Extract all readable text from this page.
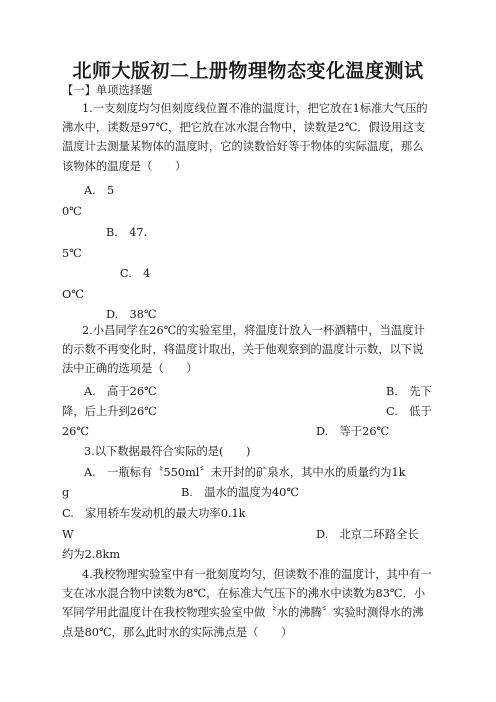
北师大版初二上册物理物态变化温度测试
【一】单项选择题
1.一支刻度均匀但刻度线位置不准的温度计，把它放在1标准大气压的沸水中，读数是97℃，把它放在冰水混合物中，读数是2℃．假设用这支温度计去测量某物体的温度时，它的读数恰好等于物体的实际温度，那么该物体的温度是（　　）
A.　5
0℃
B.　47.
5℃
C.　4
O℃
D.　38℃
2.小昌同学在26℃的实验室里，将温度计放入一杯酒精中，当温度计的示数不再变化时，将温度计取出，关于他观察到的温度计示数，以下说法中正确的选项是（　　）
A.　高于26℃	B.　先下
降，后上升到26℃	C.　低于
26℃	D.　等于26℃
3.以下数据最符合实际的是(　　)
A.　一瓶标有〝550ml〞未开封的矿泉水，其中水的质量约为1k
g	B.　温水的温度为40℃
C.　家用轿车发动机的最大功率0.1k
W	D.　北京二环路全长
约为2.8km
4.我校物理实验室中有一批刻度均匀，但读数不准的温度计，其中有一支在冰水混合物中读数为8℃，在标准大气压下的沸水中读数为83℃．小军同学用此温度计在我校物理实验室中做〝水的沸腾〞实验时测得水的沸点是80℃，那么此时水的实际沸点是（　　）
